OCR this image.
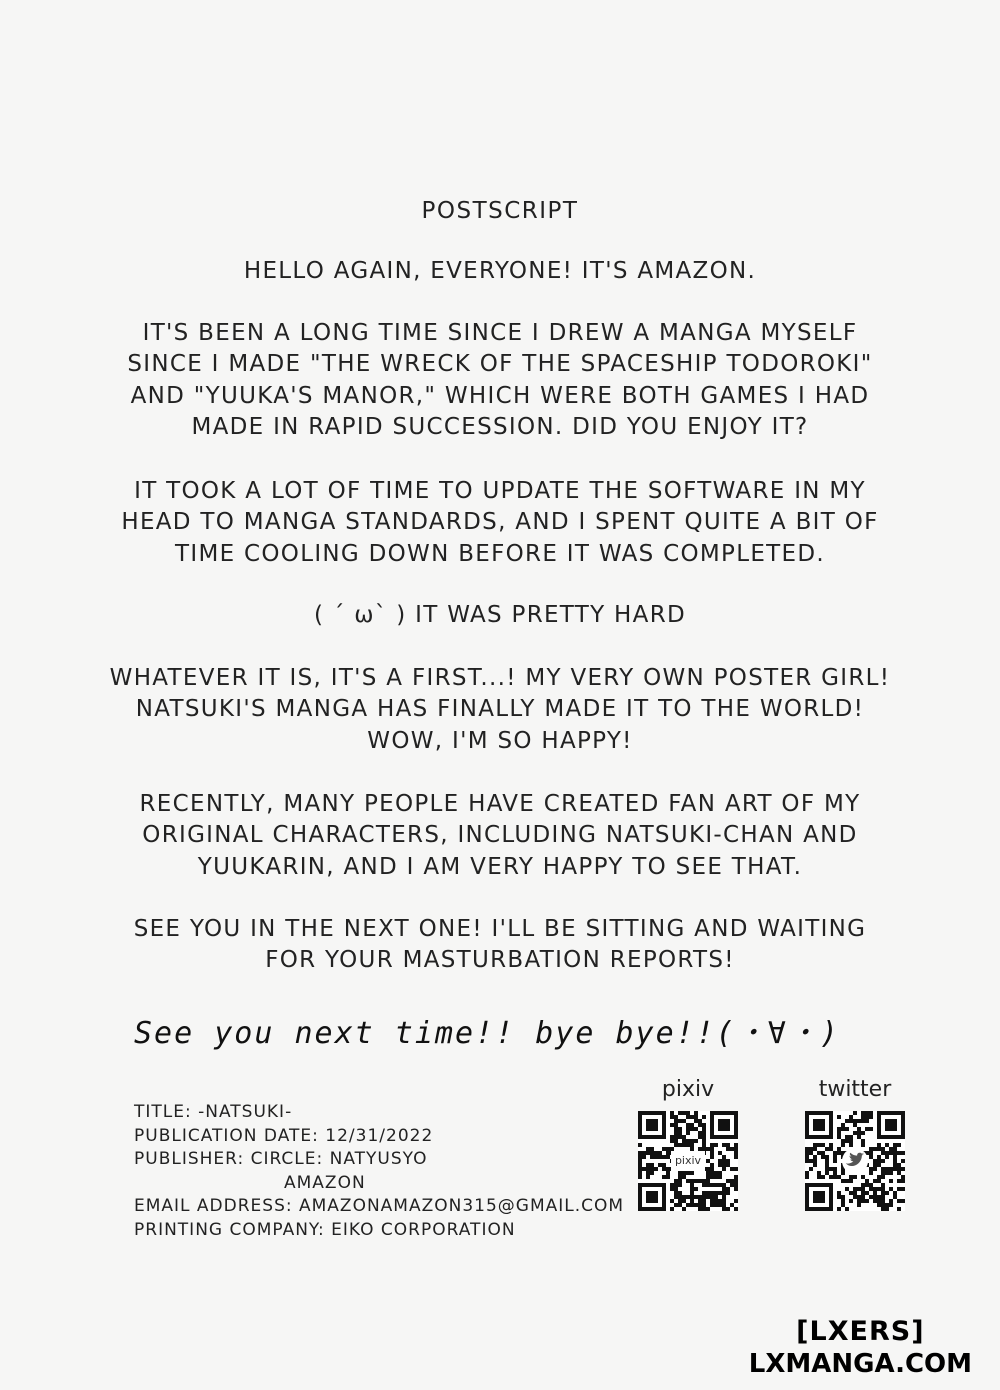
POSTSCRIPT
HELLO AGAIN, EVERYONE! IT'S AMAZON.
IT'S BEEN A LONG TIME SINCE I DREW A MANGA MYSELF
SINCE I MADE "THE WRECK OF THE SPACESHIP TODOROKI"
AND "YUUKA'S MANOR," WHICH WERE BOTH GAMES I HAD
MADE IN RAPID SUCCESSION. DID YOU ENJOY IT?
IT TOOK A LOT OF TIME TO UPDATE THE SOFTWARE IN MY
HEAD TO MANGA STANDARDS, AND I SPENT QUITE A BIT OF
TIME COOLING DOWN BEFORE IT WAS COMPLETED.
( ´ ω` ) IT WAS PRETTY HARD
WHATEVER IT IS, IT'S A FIRST...! MY VERY OWN POSTER GIRL!
NATSUKI'S MANGA HAS FINALLY MADE IT TO THE WORLD!
WOW, I'M SO HAPPY!
RECENTLY, MANY PEOPLE HAVE CREATED FAN ART OF MY
ORIGINAL CHARACTERS, INCLUDING NATSUKI-CHAN AND
YUUKARIN, AND I AM VERY HAPPY TO SEE THAT.
SEE YOU IN THE NEXT ONE! I'LL BE SITTING AND WAITING
FOR YOUR MASTURBATION REPORTS!
See you next time!! bye bye!!(・∀・)
TITLE: -NATSUKI-
PUBLICATION DATE: 12/31/2022
PUBLISHER: CIRCLE: NATYUSYO
AMAZON
EMAIL ADDRESS: AMAZONAMAZON315@GMAIL.COM
PRINTING COMPANY: EIKO CORPORATION
pixiv
pixiv
twitter
[LXERS]
LXMANGA.COM
